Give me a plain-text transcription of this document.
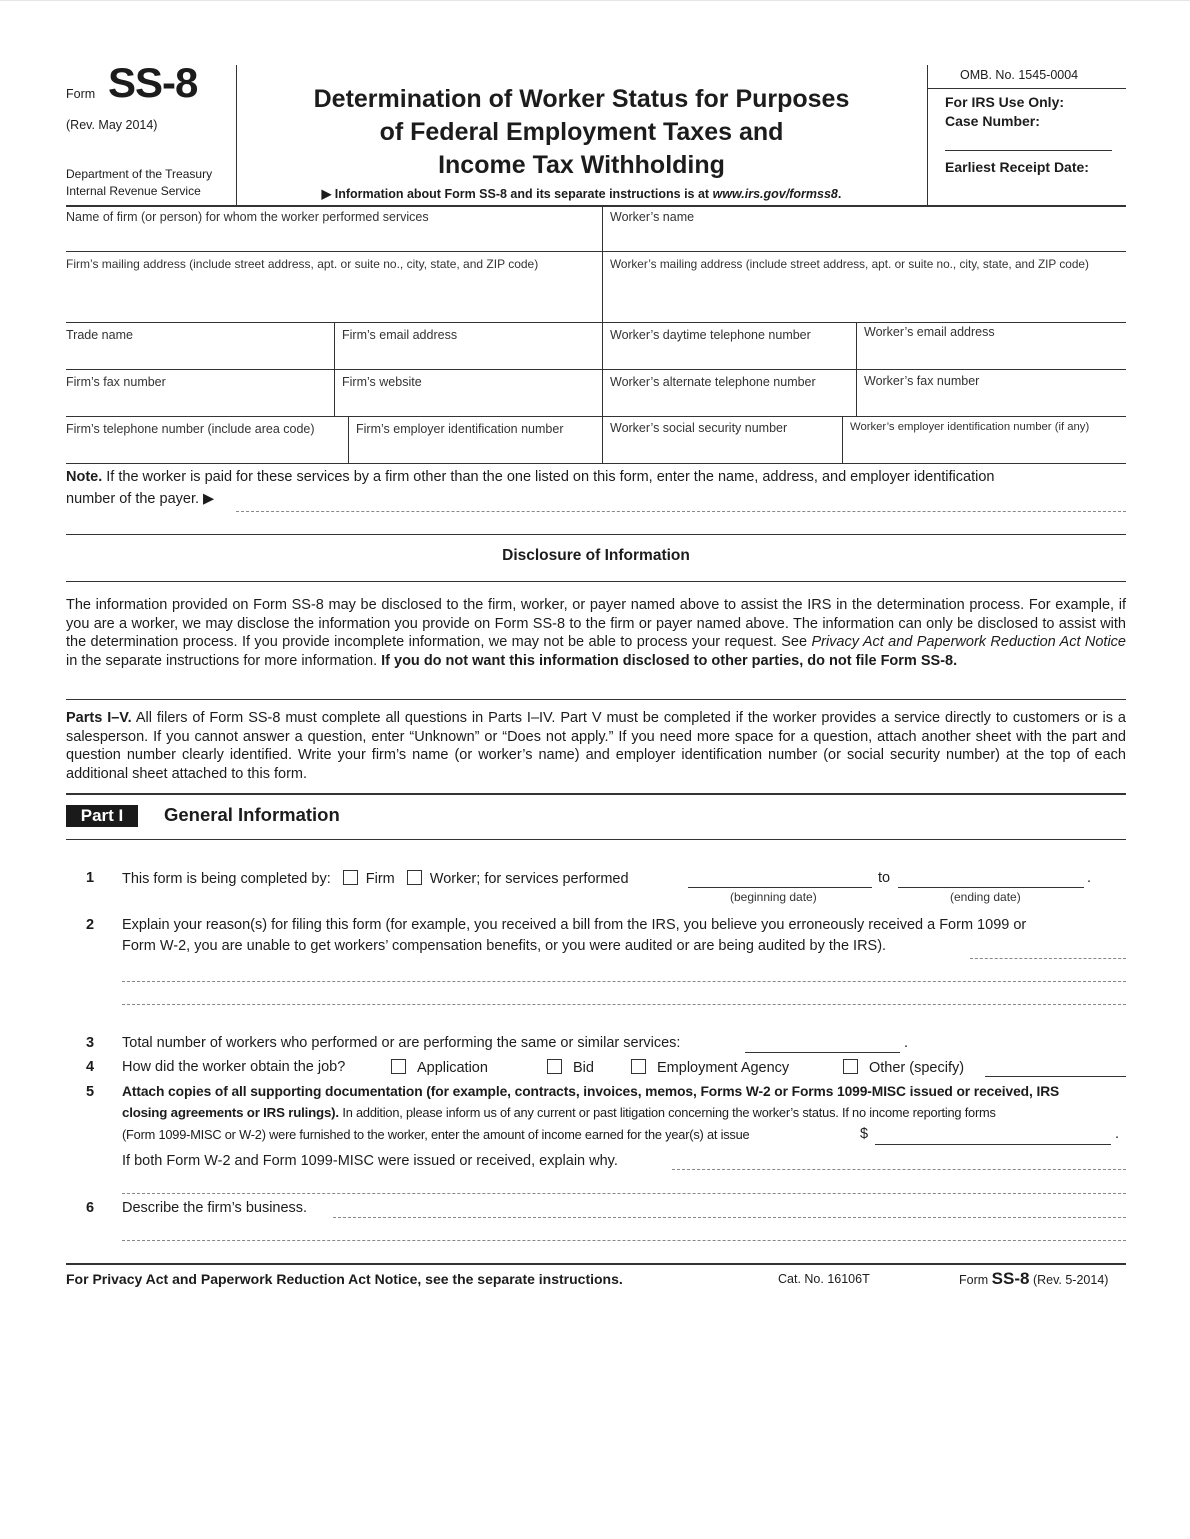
Form SS-8
(Rev. May 2014)
Department of the Treasury
Internal Revenue Service
Determination of Worker Status for Purposes
of Federal Employment Taxes and
Income Tax Withholding
▶ Information about Form SS-8 and its separate instructions is at www.irs.gov/formss8.
OMB. No. 1545-0004
For IRS Use Only:
Case Number:
Earliest Receipt Date:
Name of firm (or person) for whom the worker performed services	Worker’s name
Firm’s mailing address (include street address, apt. or suite no., city, state, and ZIP code)	Worker’s mailing address (include street address, apt. or suite no., city, state, and ZIP code)
Trade name	Firm’s email address	Worker’s daytime telephone number	Worker’s email address
Firm’s fax number	Firm’s website	Worker’s alternate telephone number	Worker’s fax number
Firm’s telephone number (include area code)	Firm’s employer identification number	Worker’s social security number	Worker’s employer identification number (if any)
Note. If the worker is paid for these services by a firm other than the one listed on this form, enter the name, address, and employer identification
number of the payer. ▶
Disclosure of Information
The information provided on Form SS-8 may be disclosed to the firm, worker, or payer named above to assist the IRS in the determination process. For example, if you are a worker, we may disclose the information you provide on Form SS-8 to the firm or payer named above. The information can only be disclosed to assist with the determination process. If you provide incomplete information, we may not be able to process your request. See Privacy Act and Paperwork Reduction Act Notice in the separate instructions for more information. If you do not want this information disclosed to other parties, do not file Form SS-8.
Parts I–V. All filers of Form SS-8 must complete all questions in Parts I–IV. Part V must be completed if the worker provides a service directly to customers or is a salesperson. If you cannot answer a question, enter “Unknown” or “Does not apply.” If you need more space for a question, attach another sheet with the part and question number clearly identified. Write your firm’s name (or worker’s name) and employer identification number (or social security number) at the top of each additional sheet attached to this form.
Part I	General Information
1 This form is being completed by: Firm Worker; for services performed	to	.
(beginning date)	(ending date)
2 Explain your reason(s) for filing this form (for example, you received a bill from the IRS, you believe you erroneously received a Form 1099 or
Form W-2, you are unable to get workers’ compensation benefits, or you were audited or are being audited by the IRS).
3 Total number of workers who performed or are performing the same or similar services:	.
4 How did the worker obtain the job?	Application	Bid	Employment Agency	Other (specify)
5 Attach copies of all supporting documentation (for example, contracts, invoices, memos, Forms W-2 or Forms 1099-MISC issued or received, IRS
closing agreements or IRS rulings). In addition, please inform us of any current or past litigation concerning the worker’s status. If no income reporting forms
(Form 1099-MISC or W-2) were furnished to the worker, enter the amount of income earned for the year(s) at issue	$	.
If both Form W-2 and Form 1099-MISC were issued or received, explain why.
6 Describe the firm’s business.
For Privacy Act and Paperwork Reduction Act Notice, see the separate instructions.	Cat. No. 16106T	Form SS-8 (Rev. 5-2014)
